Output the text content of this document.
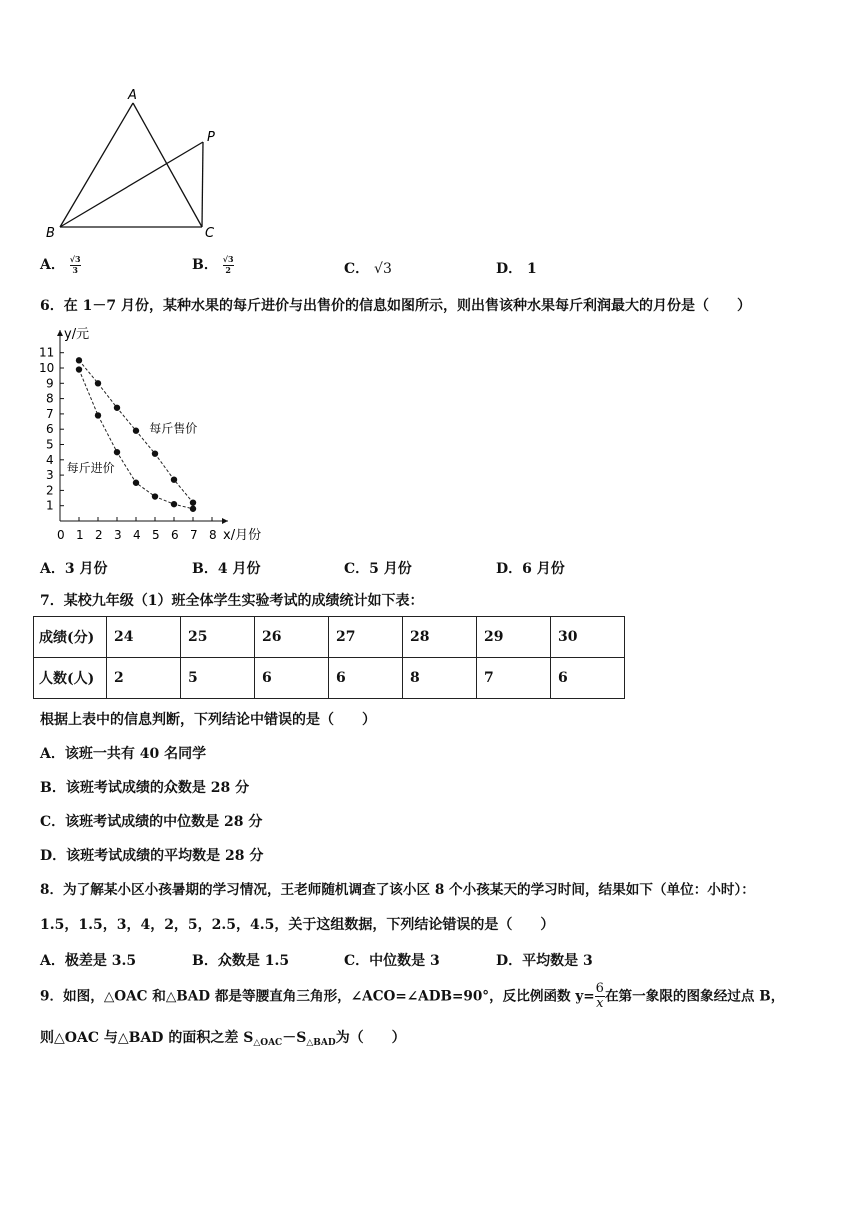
A
P
B	C
A． $\frac{√3}{3}$	B． $\frac{√3}{2}$	C． √3	D． 1
6．在 1－7 月份，某种水果的每斤进价与出售价的信息如图所示，则出售该种水果每斤利润最大的月份是（　　）
0 1 2 3 4 5 6 7 8
1
2
3
4
5
6
7
8
9
10
11
y/元
x/月份
每斤售价
每斤进价
A．3 月份	B．4 月份	C．5 月份	D．6 月份
7．某校九年级（1）班全体学生实验考试的成绩统计如下表：
成绩(分)	24	25	26	27	28	29	30
人数(人)	2	5	6	6	8	7	6
根据上表中的信息判断，下列结论中错误的是（　　）
A．该班一共有 40 名同学
B．该班考试成绩的众数是 28 分
C．该班考试成绩的中位数是 28 分
D．该班考试成绩的平均数是 28 分
8．为了解某小区小孩暑期的学习情况，王老师随机调查了该小区 8 个小孩某天的学习时间，结果如下（单位：小时）：
1.5，1.5，3，4，2，5，2.5，4.5，关于这组数据，下列结论错误的是（　　）
A．极差是 3.5	B．众数是 1.5	C．中位数是 3	D．平均数是 3
9．如图，△OAC 和△BAD 都是等腰直角三角形，∠ACO=∠ADB=90°，反比例函数 $y= \frac{6}{x}$ 在第一象限的图象经过点 B，
则△OAC 与△BAD 的面积之差 $S_{\triangle OAC}-S_{\triangle BAD}$为（　　）
